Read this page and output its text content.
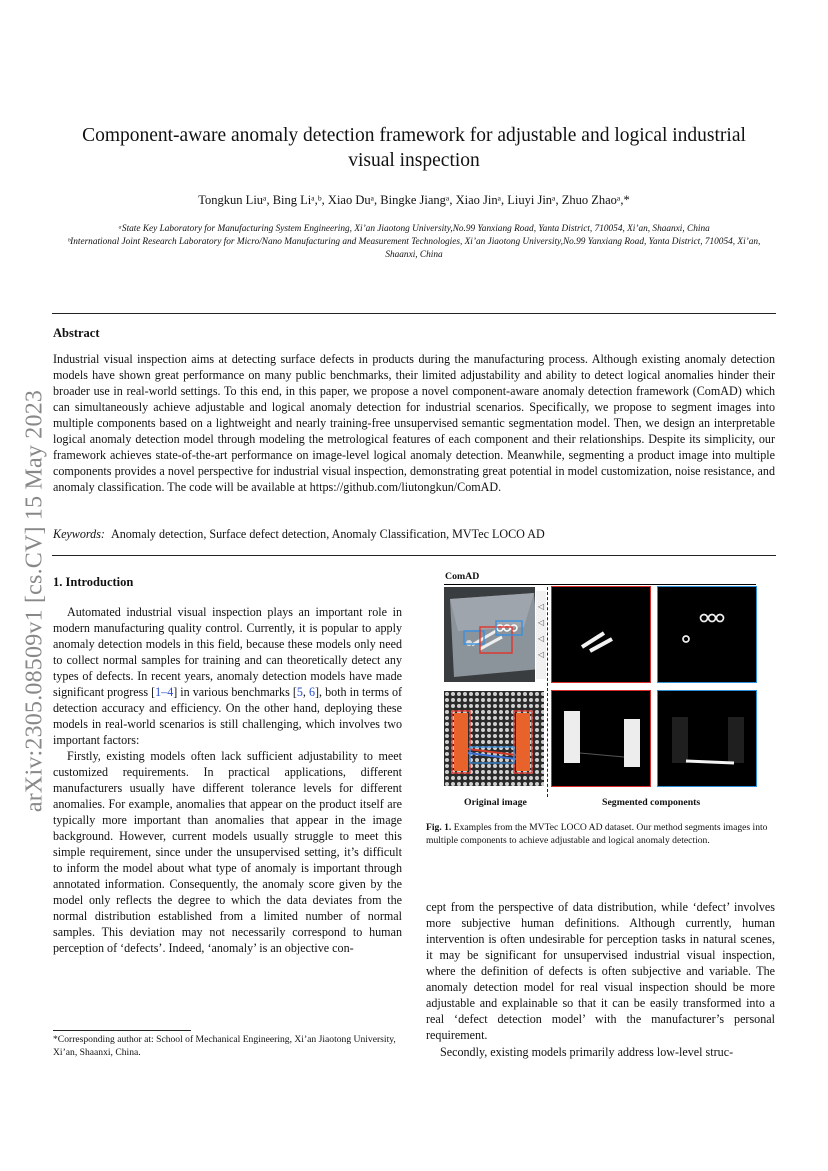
arXiv:2305.08509v1 [cs.CV] 15 May 2023
Component-aware anomaly detection framework for adjustable and logical industrial visual inspection
Tongkun Liuᵃ, Bing Liᵃ,ᵇ, Xiao Duᵃ, Bingke Jiangᵃ, Xiao Jinᵃ, Liuyi Jinᵃ, Zhuo Zhaoᵃ,*
ᵃState Key Laboratory for Manufacturing System Engineering, Xi’an Jiaotong University,No.99 Yanxiang Road, Yanta District, 710054, Xi’an, Shaanxi, China
ᵇInternational Joint Research Laboratory for Micro/Nano Manufacturing and Measurement Technologies, Xi’an Jiaotong University,No.99 Yanxiang Road, Yanta District, 710054, Xi’an, Shaanxi, China
Abstract
Industrial visual inspection aims at detecting surface defects in products during the manufacturing process. Although existing anomaly detection models have shown great performance on many public benchmarks, their limited adjustability and ability to detect logical anomalies hinder their broader use in real-world settings. To this end, in this paper, we propose a novel component-aware anomaly detection framework (ComAD) which can simultaneously achieve adjustable and logical anomaly detection for industrial scenarios. Specifically, we propose to segment images into multiple components based on a lightweight and nearly training-free unsupervised semantic segmentation model. Then, we design an interpretable logical anomaly detection model through modeling the metrological features of each component and their relationships. Despite its simplicity, our framework achieves state-of-the-art performance on image-level logical anomaly detection. Meanwhile, segmenting a product image into multiple components provides a novel perspective for industrial visual inspection, demonstrating great potential in model customization, noise resistance, and anomaly classification. The code will be available at https://github.com/liutongkun/ComAD.
Keywords: Anomaly detection, Surface defect detection, Anomaly Classification, MVTec LOCO AD
1. Introduction

Automated industrial visual inspection plays an important role in modern manufacturing quality control. Currently, it is popular to apply anomaly detection models in this field, because these models only need to collect normal samples for training and can theoretically detect any types of defects. In recent years, anomaly detection models have made significant progress [1–4] in various benchmarks [5, 6], both in terms of detection accuracy and efficiency. On the other hand, deploying these models in real-world scenarios is still challenging, which involves two important factors:

Firstly, existing models often lack sufficient adjustability to meet customized requirements. In practical applications, different manufacturers usually have different tolerance levels for different anomalies. For example, anomalies that appear on the product itself are typically more important than anomalies that appear in the image background. However, current models usually struggle to meet this simple requirement, since under the unsupervised setting, it’s difficult to inform the model about what type of anomaly is important through annotated information. Consequently, the anomaly score given by the model only reflects the degree to which the data deviates from the normal distribution established from a limited number of normal samples. This deviation may not necessarily correspond to human perception of ‘defects’. Indeed, ‘anomaly’ is an objective con-

*Corresponding author at: School of Mechanical Engineering, Xi’an Jiaotong University, Xi’an, Shaanxi, China.
ComAD
◁
◁
◁
◁
Original image	Segmented components
Fig. 1. Examples from the MVTec LOCO AD dataset. Our method segments images into multiple components to achieve adjustable and logical anomaly detection.

cept from the perspective of data distribution, while ‘defect’ involves more subjective human definitions. Although currently, human intervention is often undesirable for perception tasks in natural scenes, it may be significant for unsupervised industrial visual inspection, where the definition of defects is often subjective and variable. The anomaly detection model for real visual inspection should be more adjustable and explainable so that it can be easily transformed into a real ‘defect detection model’ with the manufacturer’s personal requirement.

Secondly, existing models primarily address low-level struc-
